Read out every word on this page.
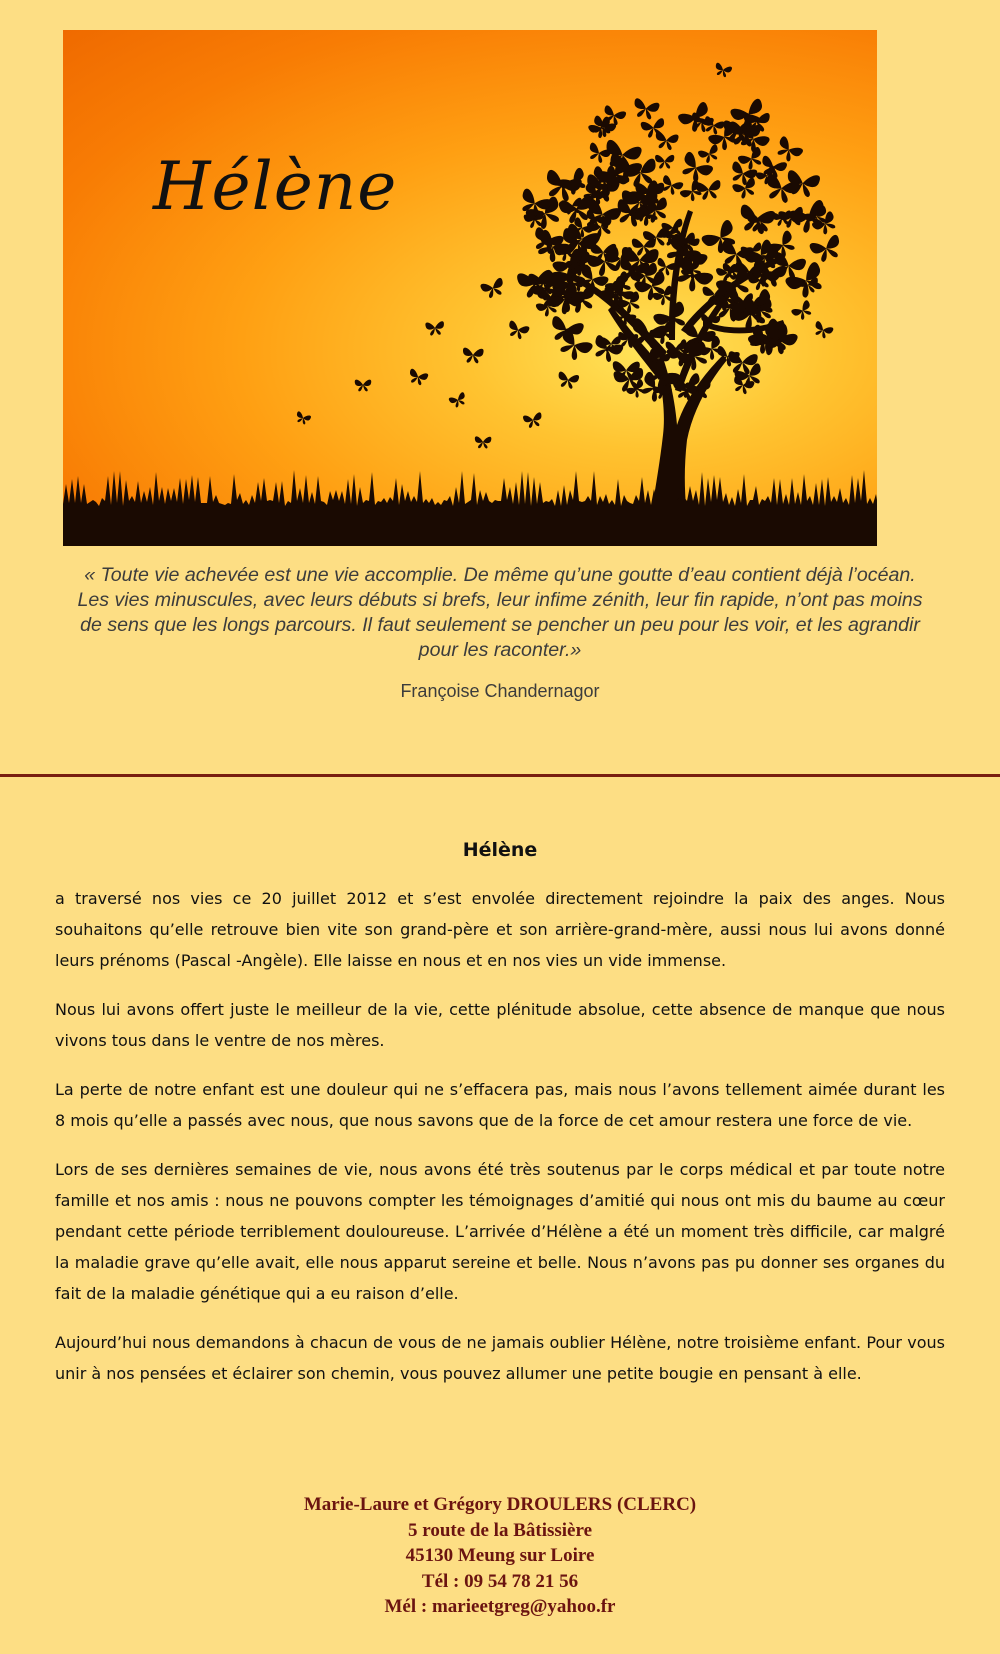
Hélène

« Toute vie achevée est une vie accomplie. De même qu’une goutte d’eau contient déjà l’océan. Les vies minuscules, avec leurs débuts si brefs, leur infime zénith, leur fin rapide, n’ont pas moins de sens que les longs parcours. Il faut seulement se pencher un peu pour les voir, et les agrandir pour les raconter.»

Françoise Chandernagor

Hélène

a traversé nos vies ce 20 juillet 2012 et s’est envolée directement rejoindre la paix des anges. Nous souhaitons qu’elle retrouve bien vite son grand-père et son arrière-grand-mère, aussi nous lui avons donné leurs prénoms (Pascal -Angèle). Elle laisse en nous et en nos vies un vide immense.

Nous lui avons offert juste le meilleur de la vie, cette plénitude absolue, cette absence de manque que nous vivons tous dans le ventre de nos mères.

La perte de notre enfant est une douleur qui ne s’effacera pas, mais nous l’avons tellement aimée durant les 8 mois qu’elle a passés avec nous, que nous savons que de la force de cet amour restera une force de vie.

Lors de ses dernières semaines de vie, nous avons été très soutenus par le corps médical et par toute notre famille et nos amis : nous ne pouvons compter les témoignages d’amitié qui nous ont mis du baume au cœur pendant cette période terriblement douloureuse. L’arrivée d’Hélène a été un moment très difficile, car malgré la maladie grave qu’elle avait, elle nous apparut sereine et belle. Nous n’avons pas pu donner ses organes du fait de la maladie génétique qui a eu raison d’elle.

Aujourd’hui nous demandons à chacun de vous de ne jamais oublier Hélène, notre troisième enfant. Pour vous unir à nos pensées et éclairer son chemin, vous pouvez allumer une petite bougie en pensant à elle.

Marie-Laure et Grégory DROULERS (CLERC)
5 route de la Bâtissière
45130 Meung sur Loire
Tél : 09 54 78 21 56
Mél : marieetgreg@yahoo.fr
